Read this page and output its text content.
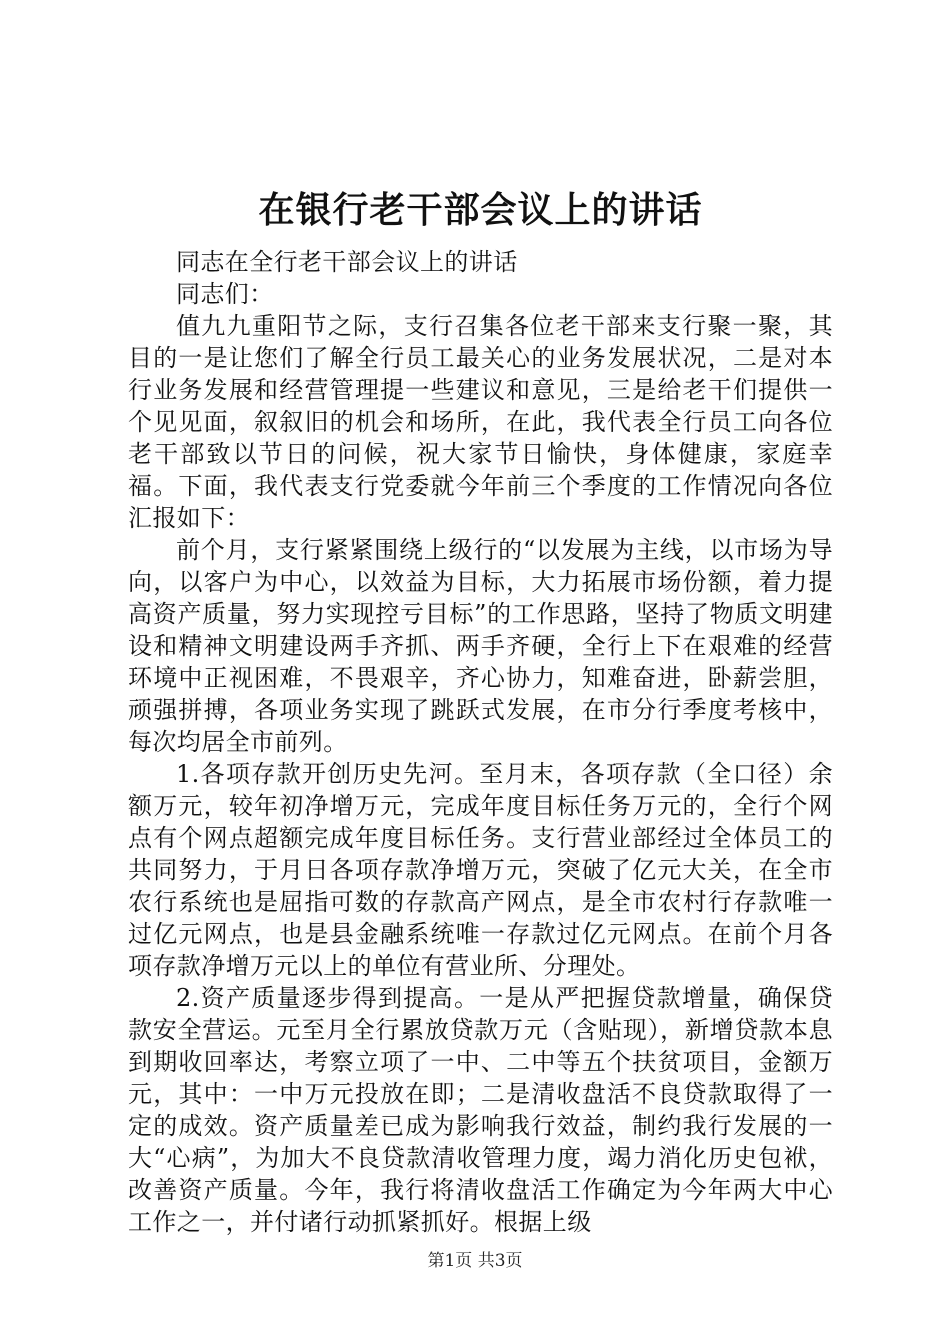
在银行老干部会议上的讲话

同志在全行老干部会议上的讲话

同志们：

值九九重阳节之际，支行召集各位老干部来支行聚一聚，其目的一是让您们了解全行员工最关心的业务发展状况，二是对本行业务发展和经营管理提一些建议和意见，三是给老干们提供一个见见面，叙叙旧的机会和场所，在此，我代表全行员工向各位老干部致以节日的问候，祝大家节日愉快，身体健康，家庭幸福。下面，我代表支行党委就今年前三个季度的工作情况向各位汇报如下：

前个月，支行紧紧围绕上级行的“以发展为主线，以市场为导向，以客户为中心，以效益为目标，大力拓展市场份额，着力提高资产质量，努力实现控亏目标”的工作思路，坚持了物质文明建设和精神文明建设两手齐抓、两手齐硬，全行上下在艰难的经营环境中正视困难，不畏艰辛，齐心协力，知难奋进，卧薪尝胆，顽强拼搏，各项业务实现了跳跃式发展，在市分行季度考核中，每次均居全市前列。

1.各项存款开创历史先河。至月末，各项存款（全口径）余额万元，较年初净增万元，完成年度目标任务万元的，全行个网点有个网点超额完成年度目标任务。支行营业部经过全体员工的共同努力，于月日各项存款净增万元，突破了亿元大关，在全市农行系统也是屈指可数的存款高产网点，是全市农村行存款唯一过亿元网点，也是县金融系统唯一存款过亿元网点。在前个月各项存款净增万元以上的单位有营业所、分理处。

2.资产质量逐步得到提高。一是从严把握贷款增量，确保贷款安全营运。元至月全行累放贷款万元（含贴现），新增贷款本息到期收回率达，考察立项了一中、二中等五个扶贫项目，金额万元，其中：一中万元投放在即；二是清收盘活不良贷款取得了一定的成效。资产质量差已成为影响我行效益，制约我行发展的一大“心病”，为加大不良贷款清收管理力度，竭力消化历史包袱，改善资产质量。今年，我行将清收盘活工作确定为今年两大中心工作之一，并付诸行动抓紧抓好。根据上级

第1页 共3页
